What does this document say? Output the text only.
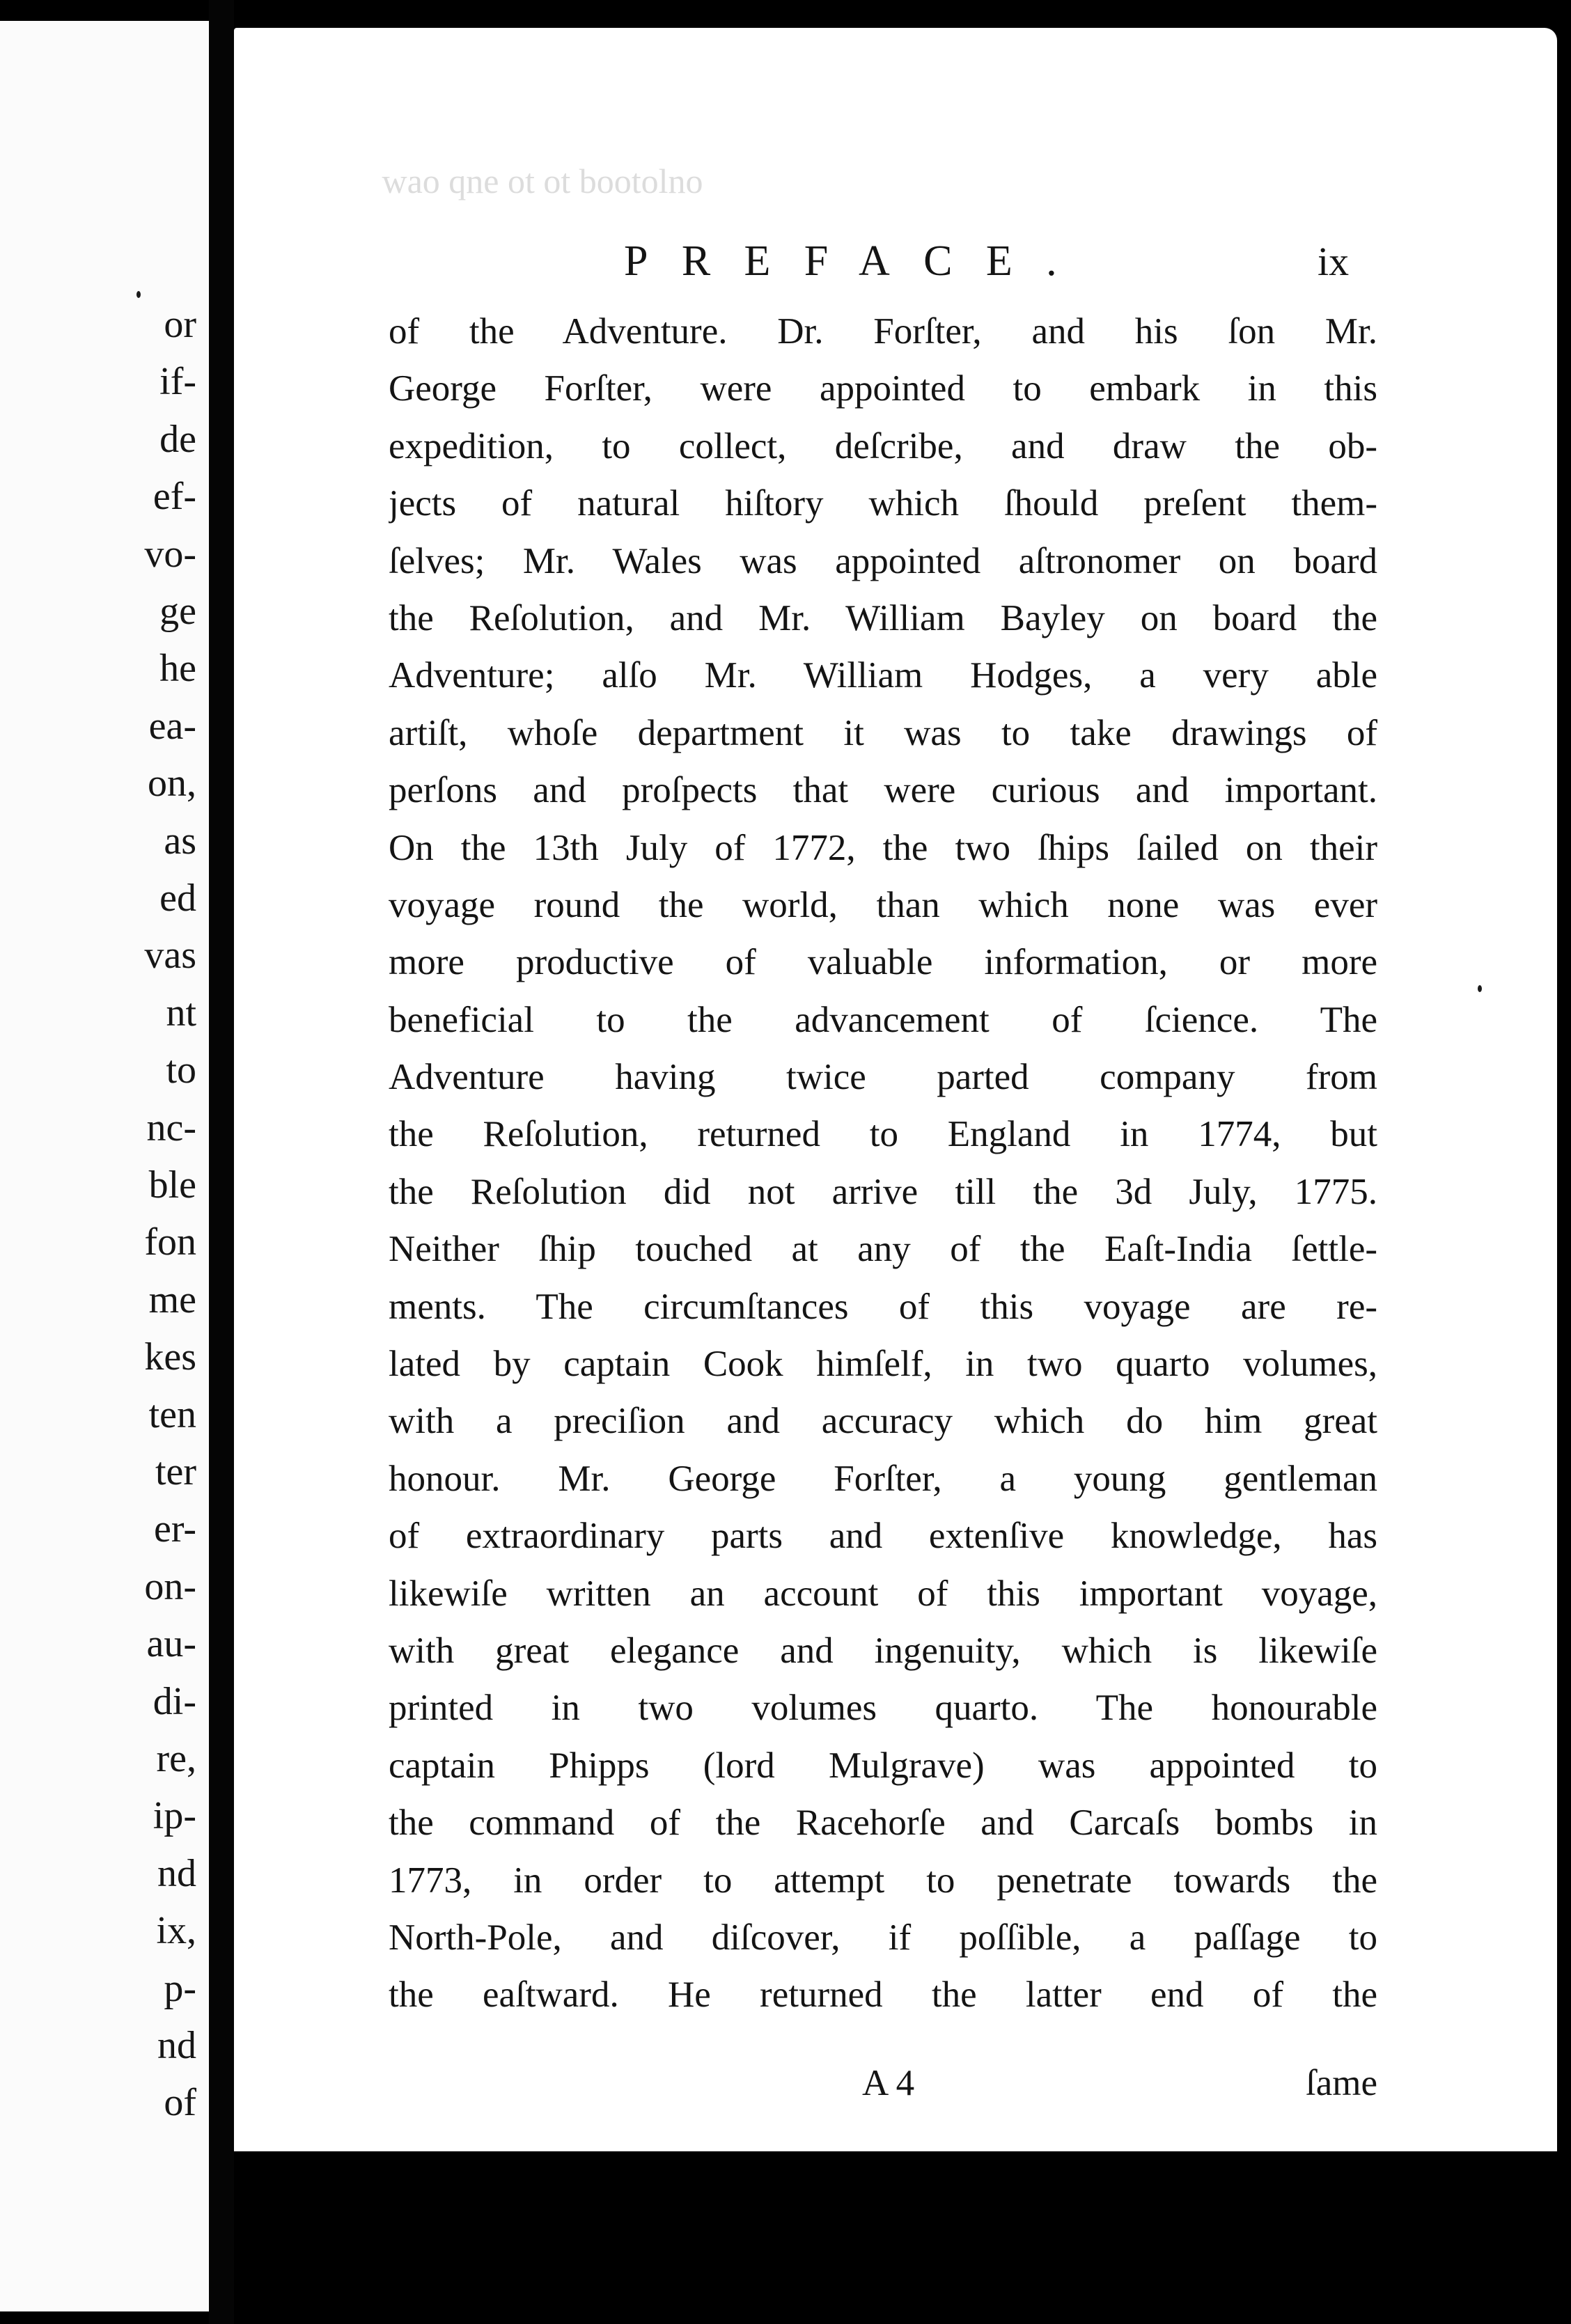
or
if-
de
ef-
vo-
ge
he
ea-
on,
as
ed
vas
nt
to
nc-
ble
fon
me
kes
ten
ter
er-
on-
au-
di-
re,
ip-
nd
ix,
p-
nd
of
wao qne ot ot bootolno
PREFACE.	ix
of the Adventure. Dr. Forſter, and his ſon Mr.
George Forſter, were appointed to embark in this
expedition, to collect, deſcribe, and draw the ob-
jects of natural hiſtory which ſhould preſent them-
ſelves; Mr. Wales was appointed aſtronomer on board
the Reſolution, and Mr. William Bayley on board the
Adventure; alſo Mr. William Hodges, a very able
artiſt, whoſe department it was to take drawings of
perſons and proſpects that were curious and important.
On the 13th July of 1772, the two ſhips ſailed on their
voyage round the world, than which none was ever
more productive of valuable information, or more
beneficial to the advancement of ſcience. The
Adventure having twice parted company from
the Reſolution, returned to England in 1774, but
the Reſolution did not arrive till the 3d July, 1775.
Neither ſhip touched at any of the Eaſt-India ſettle-
ments. The circumſtances of this voyage are re-
lated by captain Cook himſelf, in two quarto volumes,
with a preciſion and accuracy which do him great
honour. Mr. George Forſter, a young gentleman
of extraordinary parts and extenſive knowledge, has
likewiſe written an account of this important voyage,
with great elegance and ingenuity, which is likewiſe
printed in two volumes quarto. The honourable
captain Phipps (lord Mulgrave) was appointed to
the command of the Racehorſe and Carcaſs bombs in
1773, in order to attempt to penetrate towards the
North-Pole, and diſcover, if poſſible, a paſſage to
the eaſtward. He returned the latter end of the
A 4	ſame
